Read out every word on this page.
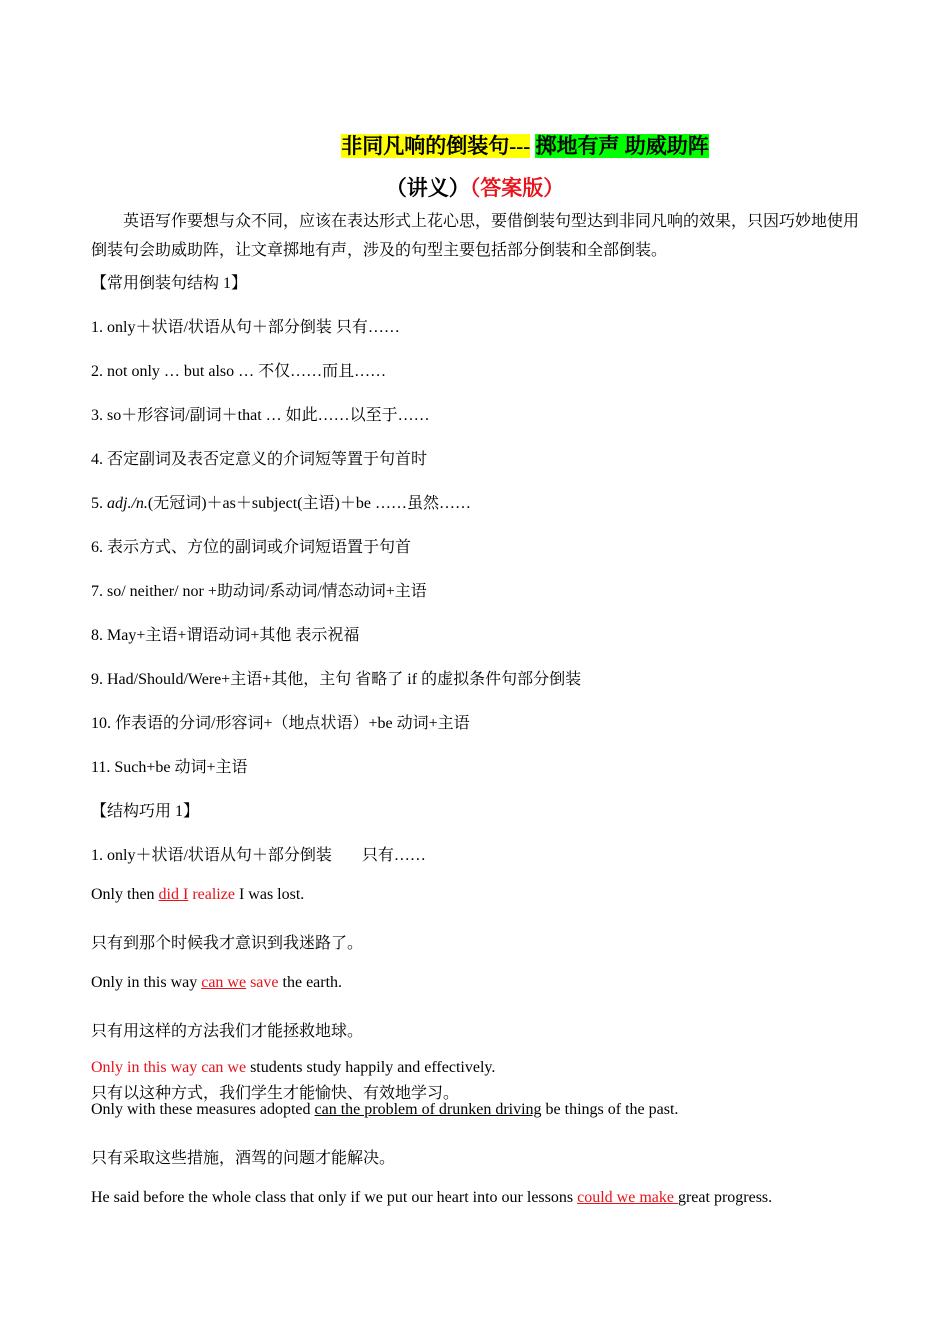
非同凡响的倒装句--- 掷地有声 助威助阵
（讲义）（答案版）
英语写作要想与众不同，应该在表达形式上花心思，要借倒装句型达到非同凡响的效果，只因巧妙地使用倒装句会助威助阵，让文章掷地有声，涉及的句型主要包括部分倒装和全部倒装。
【常用倒装句结构 1】
1. only＋状语/状语从句＋部分倒装 只有……
2. not only … but also … 不仅……而且……
3. so＋形容词/副词＋that … 如此……以至于……
4. 否定副词及表否定意义的介词短等置于句首时
5. adj./n.(无冠词)＋as＋subject(主语)＋be ……虽然……
6. 表示方式、方位的副词或介词短语置于句首
7. so/ neither/ nor +助动词/系动词/情态动词+主语
8. May+主语+谓语动词+其他 表示祝福
9. Had/Should/Were+主语+其他，主句 省略了 if 的虚拟条件句部分倒装
10. 作表语的分词/形容词+（地点状语）+be 动词+主语
11. Such+be 动词+主语
【结构巧用 1】
1. only＋状语/状语从句＋部分倒装 只有……
Only then did I realize I was lost.
只有到那个时候我才意识到我迷路了。
Only in this way can we save the earth.
只有用这样的方法我们才能拯救地球。
Only in this way can we students study happily and effectively.
只有以这种方式，我们学生才能愉快、有效地学习。
Only with these measures adopted can the problem of drunken driving be things of the past.
只有采取这些措施，酒驾的问题才能解决。
He said before the whole class that only if we put our heart into our lessons could we make great progress.
